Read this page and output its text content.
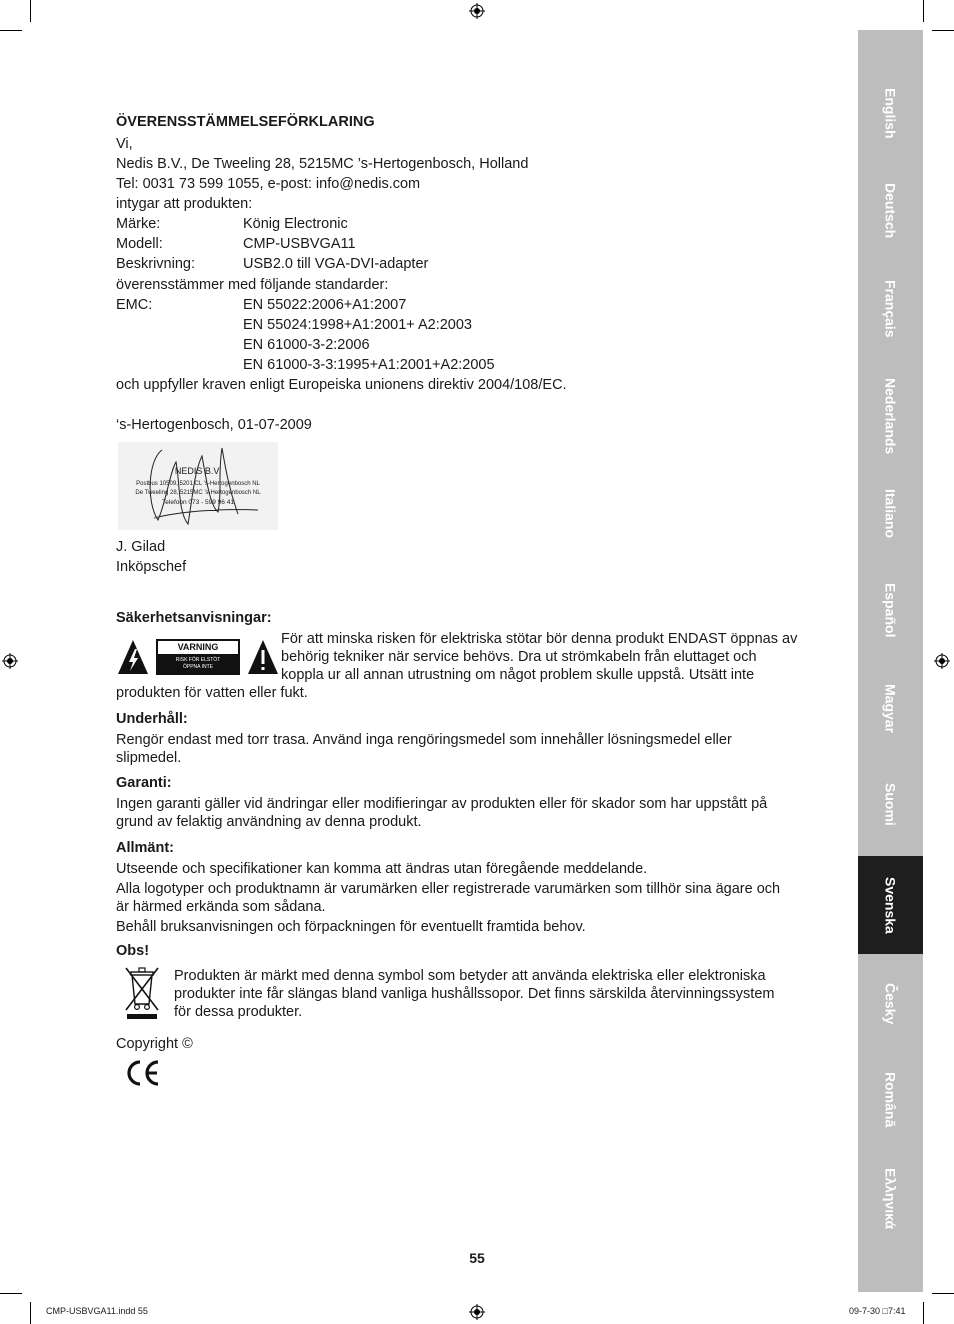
ÖVERENSSTÄMMELSEFÖRKLARING
Vi,
Nedis B.V., De Tweeling 28, 5215MC ’s-Hertogenbosch, Holland
Tel: 0031 73 599 1055, e-post: info@nedis.com
intygar att produkten:
Märke:	König Electronic
Modell:	CMP-USBVGA11
Beskrivning:	USB2.0 till VGA-DVI-adapter
överensstämmer med följande standarder:
EMC:	EN 55022:2006+A1:2007
EN 55024:1998+A1:2001+ A2:2003
EN 61000-3-2:2006
EN 61000-3-3:1995+A1:2001+A2:2005
och uppfyller kraven enligt Europeiska unionens direktiv 2004/108/EC.
‘s-Hertogenbosch, 01-07-2009
NEDIS B.V.
Postbus 10509, 5201 CL ’s-Hertogenbosch NL
De Tweeling 28, 5215MC ’s-Hertogenbosch NL
Telefoon 073 - 599 96 41
J. Gilad
Inköpschef
Säkerhetsanvisningar:
VARNING
RISK FÖR ELSTÖT
ÖPPNA INTE
För att minska risken för elektriska stötar bör denna produkt ENDAST öppnas av
behörig tekniker när service behövs. Dra ut strömkabeln från eluttaget och
koppla ur all annan utrustning om något problem skulle uppstå. Utsätt inte
produkten för vatten eller fukt.
Underhåll:
Rengör endast med torr trasa. Använd inga rengöringsmedel som innehåller lösningsmedel eller
slipmedel.
Garanti:
Ingen garanti gäller vid ändringar eller modifieringar av produkten eller för skador som har uppstått på
grund av felaktig användning av denna produkt.
Allmänt:
Utseende och specifikationer kan komma att ändras utan föregående meddelande.
Alla logotyper och produktnamn är varumärken eller registrerade varumärken som tillhör sina ägare och
är härmed erkända som sådana.
Behåll bruksanvisningen och förpackningen för eventuellt framtida behov.
Obs!
Produkten är märkt med denna symbol som betyder att använda elektriska eller elektroniska
produkter inte får slängas bland vanliga hushållssopor. Det finns särskilda återvinningssystem
för dessa produkter.
Copyright ©
55
CMP-USBVGA11.indd 55	09-7-30 □7:41
English
Deutsch
Français
Nederlands
Italiano
Español
Magyar
Suomi
Svenska
Česky
Română
Ελληνικά
